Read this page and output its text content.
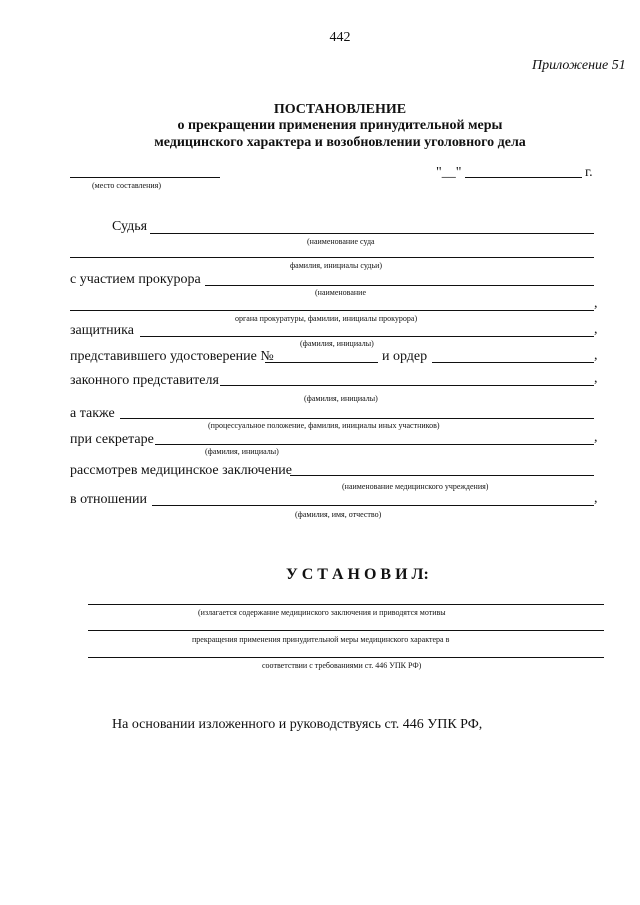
442
Приложение 51
ПОСТАНОВЛЕНИЕ
о прекращении применения принудительной меры
медицинского характера и возобновлении уголовного дела
(место составления)
"__"	г.
Судья
(наименование суда
фамилия, инициалы судьи)
с участием прокурора
(наименование
,
органа прокуратуры, фамилии, инициалы прокурора)
защитника	,
(фамилия, инициалы)
представившего удостоверение №	и ордер	,
законного представителя	,
(фамилия, инициалы)
а также
(процессуальное положение, фамилия, инициалы иных участников)
при секретаре	,
(фамилия, инициалы)
рассмотрев медицинское заключение
(наименование медицинского учреждения)
в отношении	,
(фамилия, имя, отчество)
У С Т А Н О В И Л:
(излагается содержание медицинского заключения и приводятся мотивы
прекращения применения принудительной меры медицинского характера в
соответствии с требованиями ст. 446 УПК РФ)
На основании изложенного и руководствуясь ст. 446 УПК РФ,
